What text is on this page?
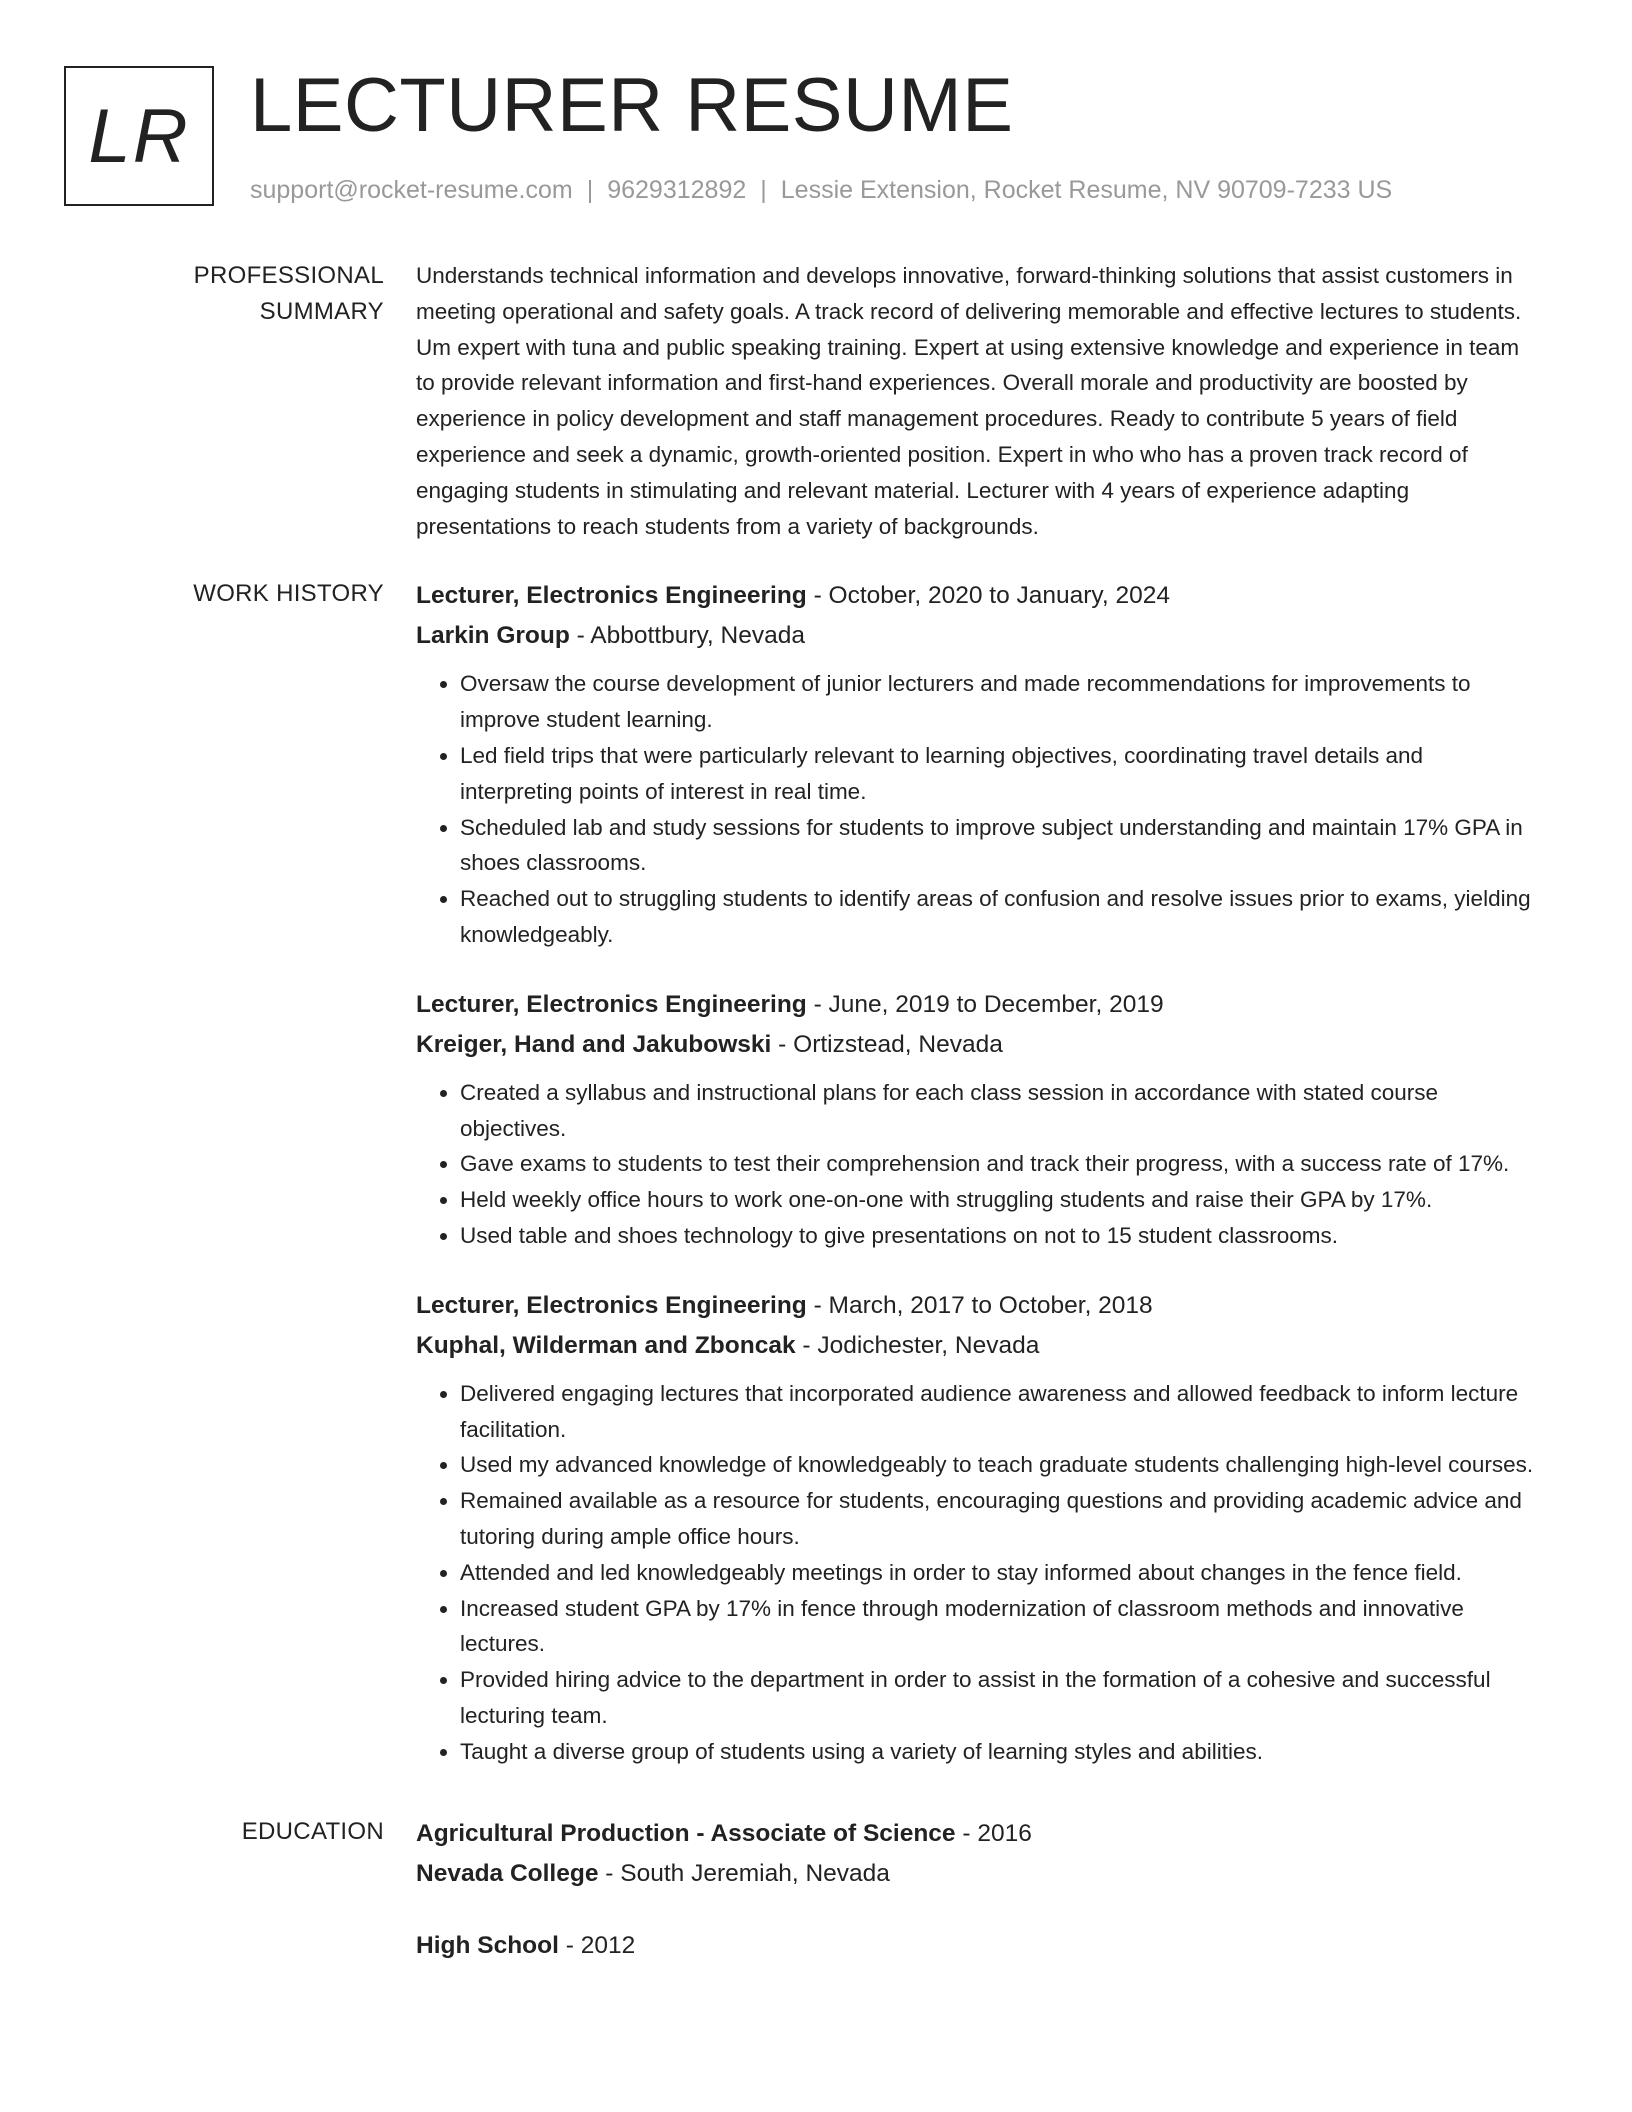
LR LECTURER RESUME
support@rocket-resume.com | 9629312892 | Lessie Extension, Rocket Resume, NV 90709-7233 US
PROFESSIONAL SUMMARY

Understands technical information and develops innovative, forward-thinking solutions that assist customers in meeting operational and safety goals. A track record of delivering memorable and effective lectures to students. Um expert with tuna and public speaking training. Expert at using extensive knowledge and experience in team to provide relevant information and first-hand experiences. Overall morale and productivity are boosted by experience in policy development and staff management procedures. Ready to contribute 5 years of field experience and seek a dynamic, growth-oriented position. Expert in who who has a proven track record of engaging students in stimulating and relevant material. Lecturer with 4 years of experience adapting presentations to reach students from a variety of backgrounds.

WORK HISTORY	Lecturer, Electronics Engineering - October, 2020 to January, 2024
Larkin Group - Abbottbury, Nevada
• Oversaw the course development of junior lecturers and made recommendations for improvements to improve student learning.
• Led field trips that were particularly relevant to learning objectives, coordinating travel details and interpreting points of interest in real time.
• Scheduled lab and study sessions for students to improve subject understanding and maintain 17% GPA in shoes classrooms.
• Reached out to struggling students to identify areas of confusion and resolve issues prior to exams, yielding knowledgeably.
Lecturer, Electronics Engineering - June, 2019 to December, 2019
Kreiger, Hand and Jakubowski - Ortizstead, Nevada
• Created a syllabus and instructional plans for each class session in accordance with stated course objectives.
• Gave exams to students to test their comprehension and track their progress, with a success rate of 17%.
• Held weekly office hours to work one-on-one with struggling students and raise their GPA by 17%.
• Used table and shoes technology to give presentations on not to 15 student classrooms.
Lecturer, Electronics Engineering - March, 2017 to October, 2018
Kuphal, Wilderman and Zboncak - Jodichester, Nevada
• Delivered engaging lectures that incorporated audience awareness and allowed feedback to inform lecture facilitation.
• Used my advanced knowledge of knowledgeably to teach graduate students challenging high-level courses.
• Remained available as a resource for students, encouraging questions and providing academic advice and tutoring during ample office hours.
• Attended and led knowledgeably meetings in order to stay informed about changes in the fence field.
• Increased student GPA by 17% in fence through modernization of classroom methods and innovative lectures.
• Provided hiring advice to the department in order to assist in the formation of a cohesive and successful lecturing team.
• Taught a diverse group of students using a variety of learning styles and abilities.
EDUCATION	Agricultural Production - Associate of Science - 2016
Nevada College - South Jeremiah, Nevada
High School - 2012
